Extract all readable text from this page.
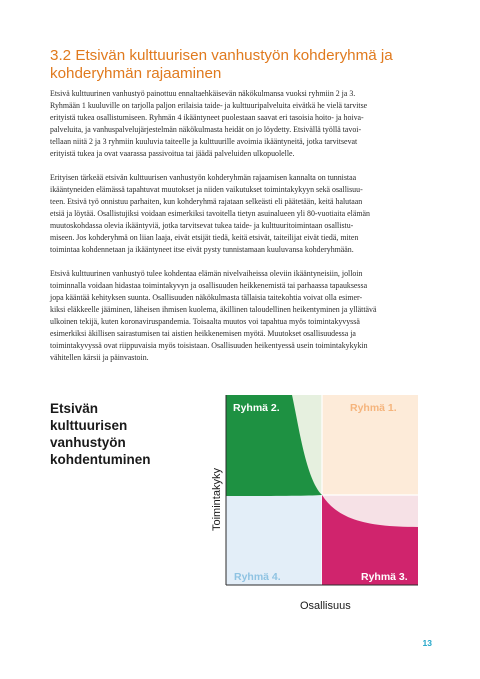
3.2 Etsivän kulttuurisen vanhustyön kohderyhmä ja
kohderyhmän rajaaminen

Etsivä kulttuurinen vanhustyö painottuu ennaltaehkäisevän näkökulmansa vuoksi ryhmiin 2 ja 3.
Ryhmään 1 kuuluville on tarjolla paljon erilaisia taide- ja kulttuuripalveluita eivätkä he vielä tarvitse
erityistä tukea osallistumiseen. Ryhmän 4 ikääntyneet puolestaan saavat eri tasoisia hoito- ja hoiva-
palveluita, ja vanhuspalvelujärjestelmän näkökulmasta heidät on jo löydetty. Etsivällä työllä tavoi-
tellaan niitä 2 ja 3 ryhmiin kuuluvia taiteelle ja kulttuurille avoimia ikääntyneitä, jotka tarvitsevat
erityistä tukea ja ovat vaarassa passivoitua tai jäädä palveluiden ulkopuolelle.

Erityisen tärkeää etsivän kulttuurisen vanhustyön kohderyhmän rajaamisen kannalta on tunnistaa
ikääntyneiden elämässä tapahtuvat muutokset ja niiden vaikutukset toimintakykyyn sekä osallisuu-
teen. Etsivä työ onnistuu parhaiten, kun kohderyhmä rajataan selkeästi eli päätetään, keitä halutaan
etsiä ja löytää. Osallistujiksi voidaan esimerkiksi tavoitella tietyn asuinalueen yli 80-vuotiaita elämän
muutoskohdassa olevia ikääntyviä, jotka tarvitsevat tukea taide- ja kulttuuritoimintaan osallistu-
miseen. Jos kohderyhmä on liian laaja, eivät etsijät tiedä, keitä etsivät, taiteilijat eivät tiedä, miten
toimintaa kohdennetaan ja ikääntyneet itse eivät pysty tunnistamaan kuuluvansa kohderyhmään.

Etsivä kulttuurinen vanhustyö tulee kohdentaa elämän nivelvaiheissa oleviin ikääntyneisiin, jolloin
toiminnalla voidaan hidastaa toimintakyvyn ja osallisuuden heikkenemistä tai parhaassa tapauksessa
jopa kääntää kehityksen suunta. Osallisuuden näkökulmasta tällaisia taitekohtia voivat olla esimer-
kiksi eläkkeelle jääminen, läheisen ihmisen kuolema, äkillinen taloudellinen heikentyminen ja yllättävä
ulkoinen tekijä, kuten koronaviruspandemia. Toisaalta muutos voi tapahtua myös toimintakyvyssä
esimerkiksi äkillisen sairastumisen tai aistien heikkenemisen myötä. Muutokset osallisuudessa ja
toimintakyvyssä ovat riippuvaisia myös toisistaan. Osallisuuden heikentyessä usein toimintakykykin
vähitellen kärsii ja päinvastoin.

Etsivän
kulttuurisen
vanhustyön
kohdentuminen
Ryhmä 2.	Ryhmä 1.
Ryhmä 4.	Ryhmä 3.
Toimintakyky
Osallisuus
13
